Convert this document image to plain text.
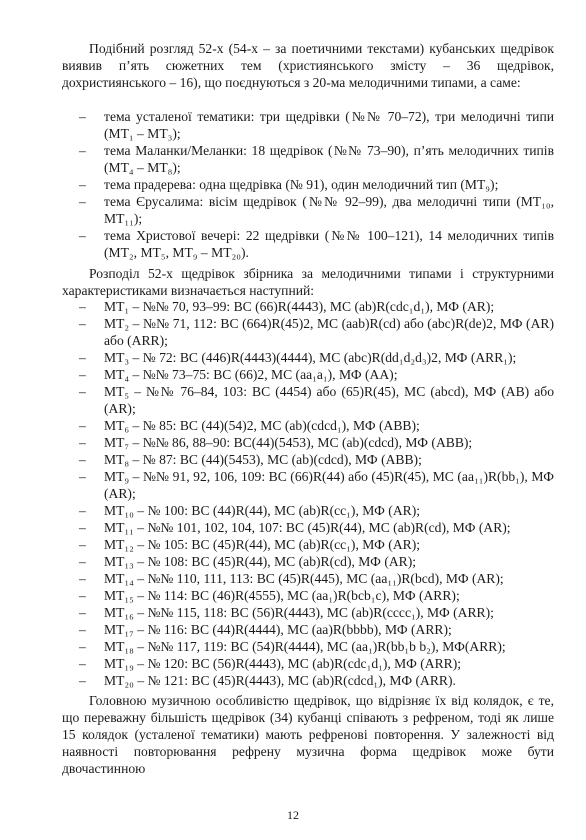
Подібний розгляд 52-х (54-х – за поетичними текстами) кубанських щедрівок виявив п’ять сюжетних тем (християнського змісту – 36 щедрівок, дохристиянського – 16), що поєднуються з 20-ма мелодичними типами, а саме:

– тема усталеної тематики: три щедрівки (№№ 70–72), три мелодичні типи (МТ₁ – МТ₃);
– тема Маланки/Меланки: 18 щедрівок (№№ 73–90), п’ять мелодичних типів (МТ₄ – МТ₈);
– тема прадерева: одна щедрівка (№ 91), один мелодичний тип (МТ₉);
– тема Єрусалима: вісім щедрівок (№№ 92–99), два мелодичні типи (МТ₁₀, МТ₁₁);
– тема Христової вечері: 22 щедрівки (№№ 100–121), 14 мелодичних типів (МТ₂, МТ₅, МТ₉ – МТ₂₀).

Розподіл 52-х щедрівок збірника за мелодичними типами і структурними характеристиками визначається наступний:

– МТ₁ – №№ 70, 93–99: ВС (66)R(4443), МС (ab)R(cdc₁d₁), МФ (AR);
– МТ₂ – №№ 71, 112: ВС (664)R(45)2, МС (aab)R(cd) або (abc)R(de)2, МФ (AR) або (ARR);
– МТ₃ – № 72: ВС (446)R(4443)(4444), МС (abc)R(dd₁d₂d₃)2, МФ (ARR₁);
– МТ₄ – №№ 73–75: ВС (66)2, МС (aa₁a₁), МФ (AA);
– МТ₅ – №№ 76–84, 103: ВС (4454) або (65)R(45), МС (abcd), МФ (AB) або (AR);
– МТ₆ – № 85: ВС (44)(54)2, МС (ab)(cdcd₁), МФ (АВВ);
– МТ₇ – №№ 86, 88–90: ВС(44)(5453), МС (ab)(cdcd), МФ (АВВ);
– МТ₈ – № 87: ВС (44)(5453), МС (ab)(cdcd), МФ (АВВ);
– МТ₉ – №№ 91, 92, 106, 109: ВС (66)R(44) або (45)R(45), МС (aa₁₁)R(bb₁), МФ (AR);
– МТ₁₀ – № 100: ВС (44)R(44), МС (ab)R(cc₁), МФ (AR);
– МТ₁₁ – №№ 101, 102, 104, 107: ВС (45)R(44), МС (ab)R(cd), МФ (AR);
– МТ₁₂ – № 105: ВС (45)R(44), МС (ab)R(cc₁), МФ (AR);
– МТ₁₃ – № 108: ВС (45)R(44), МС (ab)R(cd), МФ (AR);
– МТ₁₄ – №№ 110, 111, 113: ВС (45)R(445), МС (aa₁₁)R(bcd), МФ (AR);
– МТ₁₅ – № 114: ВС (46)R(4555), МС (aa₁)R(bcb₁c), МФ (ARR);
– МТ₁₆ – №№ 115, 118: ВС (56)R(4443), МС (ab)R(cccc₁), МФ (ARR);
– МТ₁₇ – № 116: ВС (44)R(4444), МС (aa)R(bbbb), МФ (ARR);
– МТ₁₈ – №№ 117, 119: ВС (54)R(4444), МС (aa₁)R(bb₁b b₂), МФ(ARR);
– МТ₁₉ – № 120: ВС (56)R(4443), МС (ab)R(cdc₁d₁), МФ (ARR);
– МТ₂₀ – № 121: ВС (45)R(4443), МС (ab)R(cdcd₁), МФ (ARR).

Головною музичною особливістю щедрівок, що відрізняє їх від колядок, є те, що переважну більшість щедрівок (34) кубанці співають з рефреном, тоді як лише 15 колядок (усталеної тематики) мають рефренові повторення. У залежності від наявності повторювання рефрену музична форма щедрівок може бути двочастинною

12
